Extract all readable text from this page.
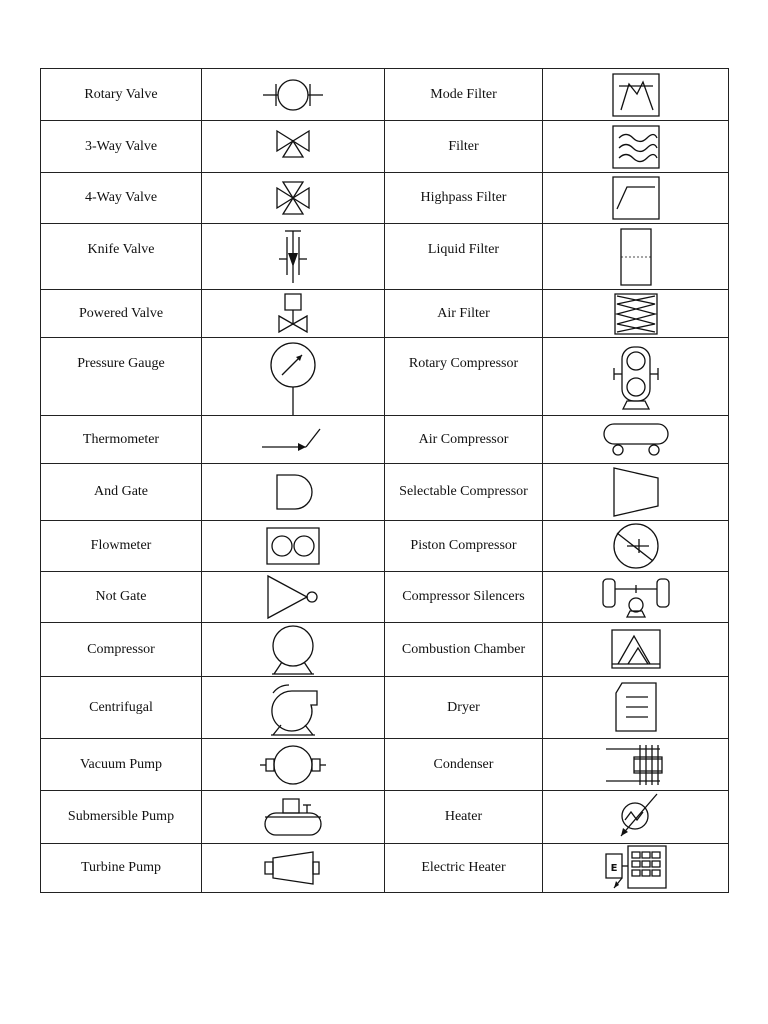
Rotary Valve		Mode Filter	

3-Way Valve		Filter	

4-Way Valve		Highpass Filter	

Knife Valve		Liquid Filter	

Powered Valve		Air Filter	

Pressure Gauge		Rotary Compressor	

Thermometer		Air Compressor	

And Gate		Selectable Compressor	

Flowmeter		Piston Compressor	

Not Gate		Compressor Silencers	

Compressor		Combustion Chamber	

Centrifugal		Dryer	

Vacuum Pump		Condenser	

Submersible Pump		Heater	

Turbine Pump		Electric Heater	E
